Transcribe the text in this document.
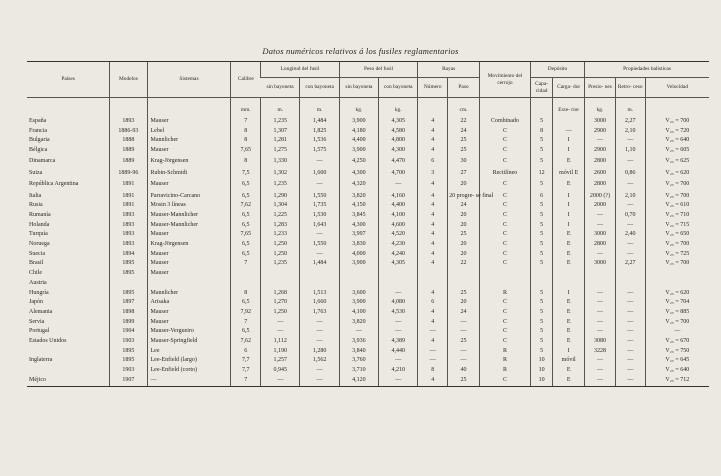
Datos numéricos relativos á los fusiles reglamentarios
Países	Modelos	Sistemas	Calibre	Longitud del fusil		Peso del fusil		Rayas		Movimiento del cerrojo	Depósito		Propiedades balísticas		
				sin bayoneta	con bayoneta	sin bayoneta	con bayoneta	Número	Paso		Capa- cidad	Carga- dor	Presio- nes	Retro- ceso	Velocidad
			mm.	m.	m.	kg.	kg.		cm.			Exte- rior	kg.	m.	
España	1893	Mauser	7	1,235	1,484	3,900	4,305	4	22	Combinado	5		3000	2,27	V₂₅ = 700
Francia	1886-93	Lebel	8	1,307	1,825	4,180	4,580	4	24	C	8	—	2900	2,10	V₂₅ = 720
Bulgaria	1888	Mannlicher	8	1,281	1,536	4,400	4,800	4	25	C	5	I	—	—	V₂₅ = 640
Bélgica	1889	Mauser	7,65	1,275	1,575	3,900	4,300	4	25	C	5	I	2900	1,10	V₂₅ = 605
Dinamarca	1889	Krag-Jörgensen	8	1,330	—	4,250	4,470	6	30	C	5	E	2800	—	V₂₅ = 625
Suiza	1889-96	Rubin-Schmidt	7,5	1,302	1,600	4,300	4,700	3	27	Rectilíneo	12	móvil E	2600	0,86	V₂₅ = 620
República Argentina	1891	Mauser	6,5	1,235	—	4,320	—	4	20	C	5	E	2800	—	V₂₅ = 700
Italia	1891	Parravicino-Carcano	6,5	1,290	1,550	3,820	4,160	4	20 progre- se final	C	6	I	2000 (?)	2,10	V₂₅ = 700
Rusia	1891	Mosin 3 líneas	7,62	1,304	1,735	4,150	4,400	4	24	C	5	I	2000	—	V₂₅ = 610
Rumanía	1893	Mauser-Mannlicher	6,5	1,225	1,530	3,845	4,100	4	20	C	5	I	—	0,70	V₂₅ = 710
Holanda	1893	Mauser-Mannlicher	6,5	1,283	1,643	4,300	4,600	4	20	C	5	I	—	—	V₂₅ = 715
Turquía	1893	Mauser	7,65	1,233	—	3,997	4,520	4	25	C	5	E	3000	2,40	V₂₅ = 650
Noruega	1893	Krag-Jörgensen	6,5	1,250	1,550	3,830	4,230	4	20	C	5	E	2800	—	V₂₅ = 700
Suecia	1894	Mauser	6,5	1,250	—	4,000	4,240	4	20	C	5	E	—	—	V₂₅ = 725
Brasil	1895	Mauser	7	1,235	1,484	3,900	4,305	4	22	C	5	E	3000	2,27	V₂₅ = 700
Chile	1895	Mauser													
Austria															
Hungría	1895	Mannlicher	8	1,268	1,513	3,600	—	4	25	R	5	I	—	—	V₂₅ = 620
Japón	1897	Arisaka	6,5	1,270	1,660	3,900	4,080	6	20	C	5	E	—	—	V₂₅ = 704
Alemania	1898	Mauser	7,92	1,250	1,763	4,100	4,530	4	24	C	5	E	—	—	V₂₅ = 885
Servia	1899	Mauser	7	—	—	3,820	—	4	—	C	5	E	—	—	V₂₅ = 700
Portugal	1904	Mauser-Vergueiro	6,5	—	—	—	—	—	—	C	5	E	—	—	—
Estados Unidos	1903	Mauser-Springfield	7,62	1,112	—	3,936	4,389	4	25	C	5	E	3080	—	V₂₅ = 670
	1895	Lee	6	1,190	1,280	3,840	4,440	—	—	R	5	I	3228	—	V₂₅ = 750
Inglaterra	1895	Lee-Enfield (largo)	7,7	1,257	1,562	3,760	—	—	—	R	10	móvil	—	—	V₂₅ = 645
	1903	Lee-Enfield (corto)	7,7	0,945	—	3,710	4,210	8	40	R	10	E	—	—	V₂₅ = 640
Méjico	1907	—	7	—	—	4,120	—	4	25	C	10	E	—	—	V₂₅ = 712
